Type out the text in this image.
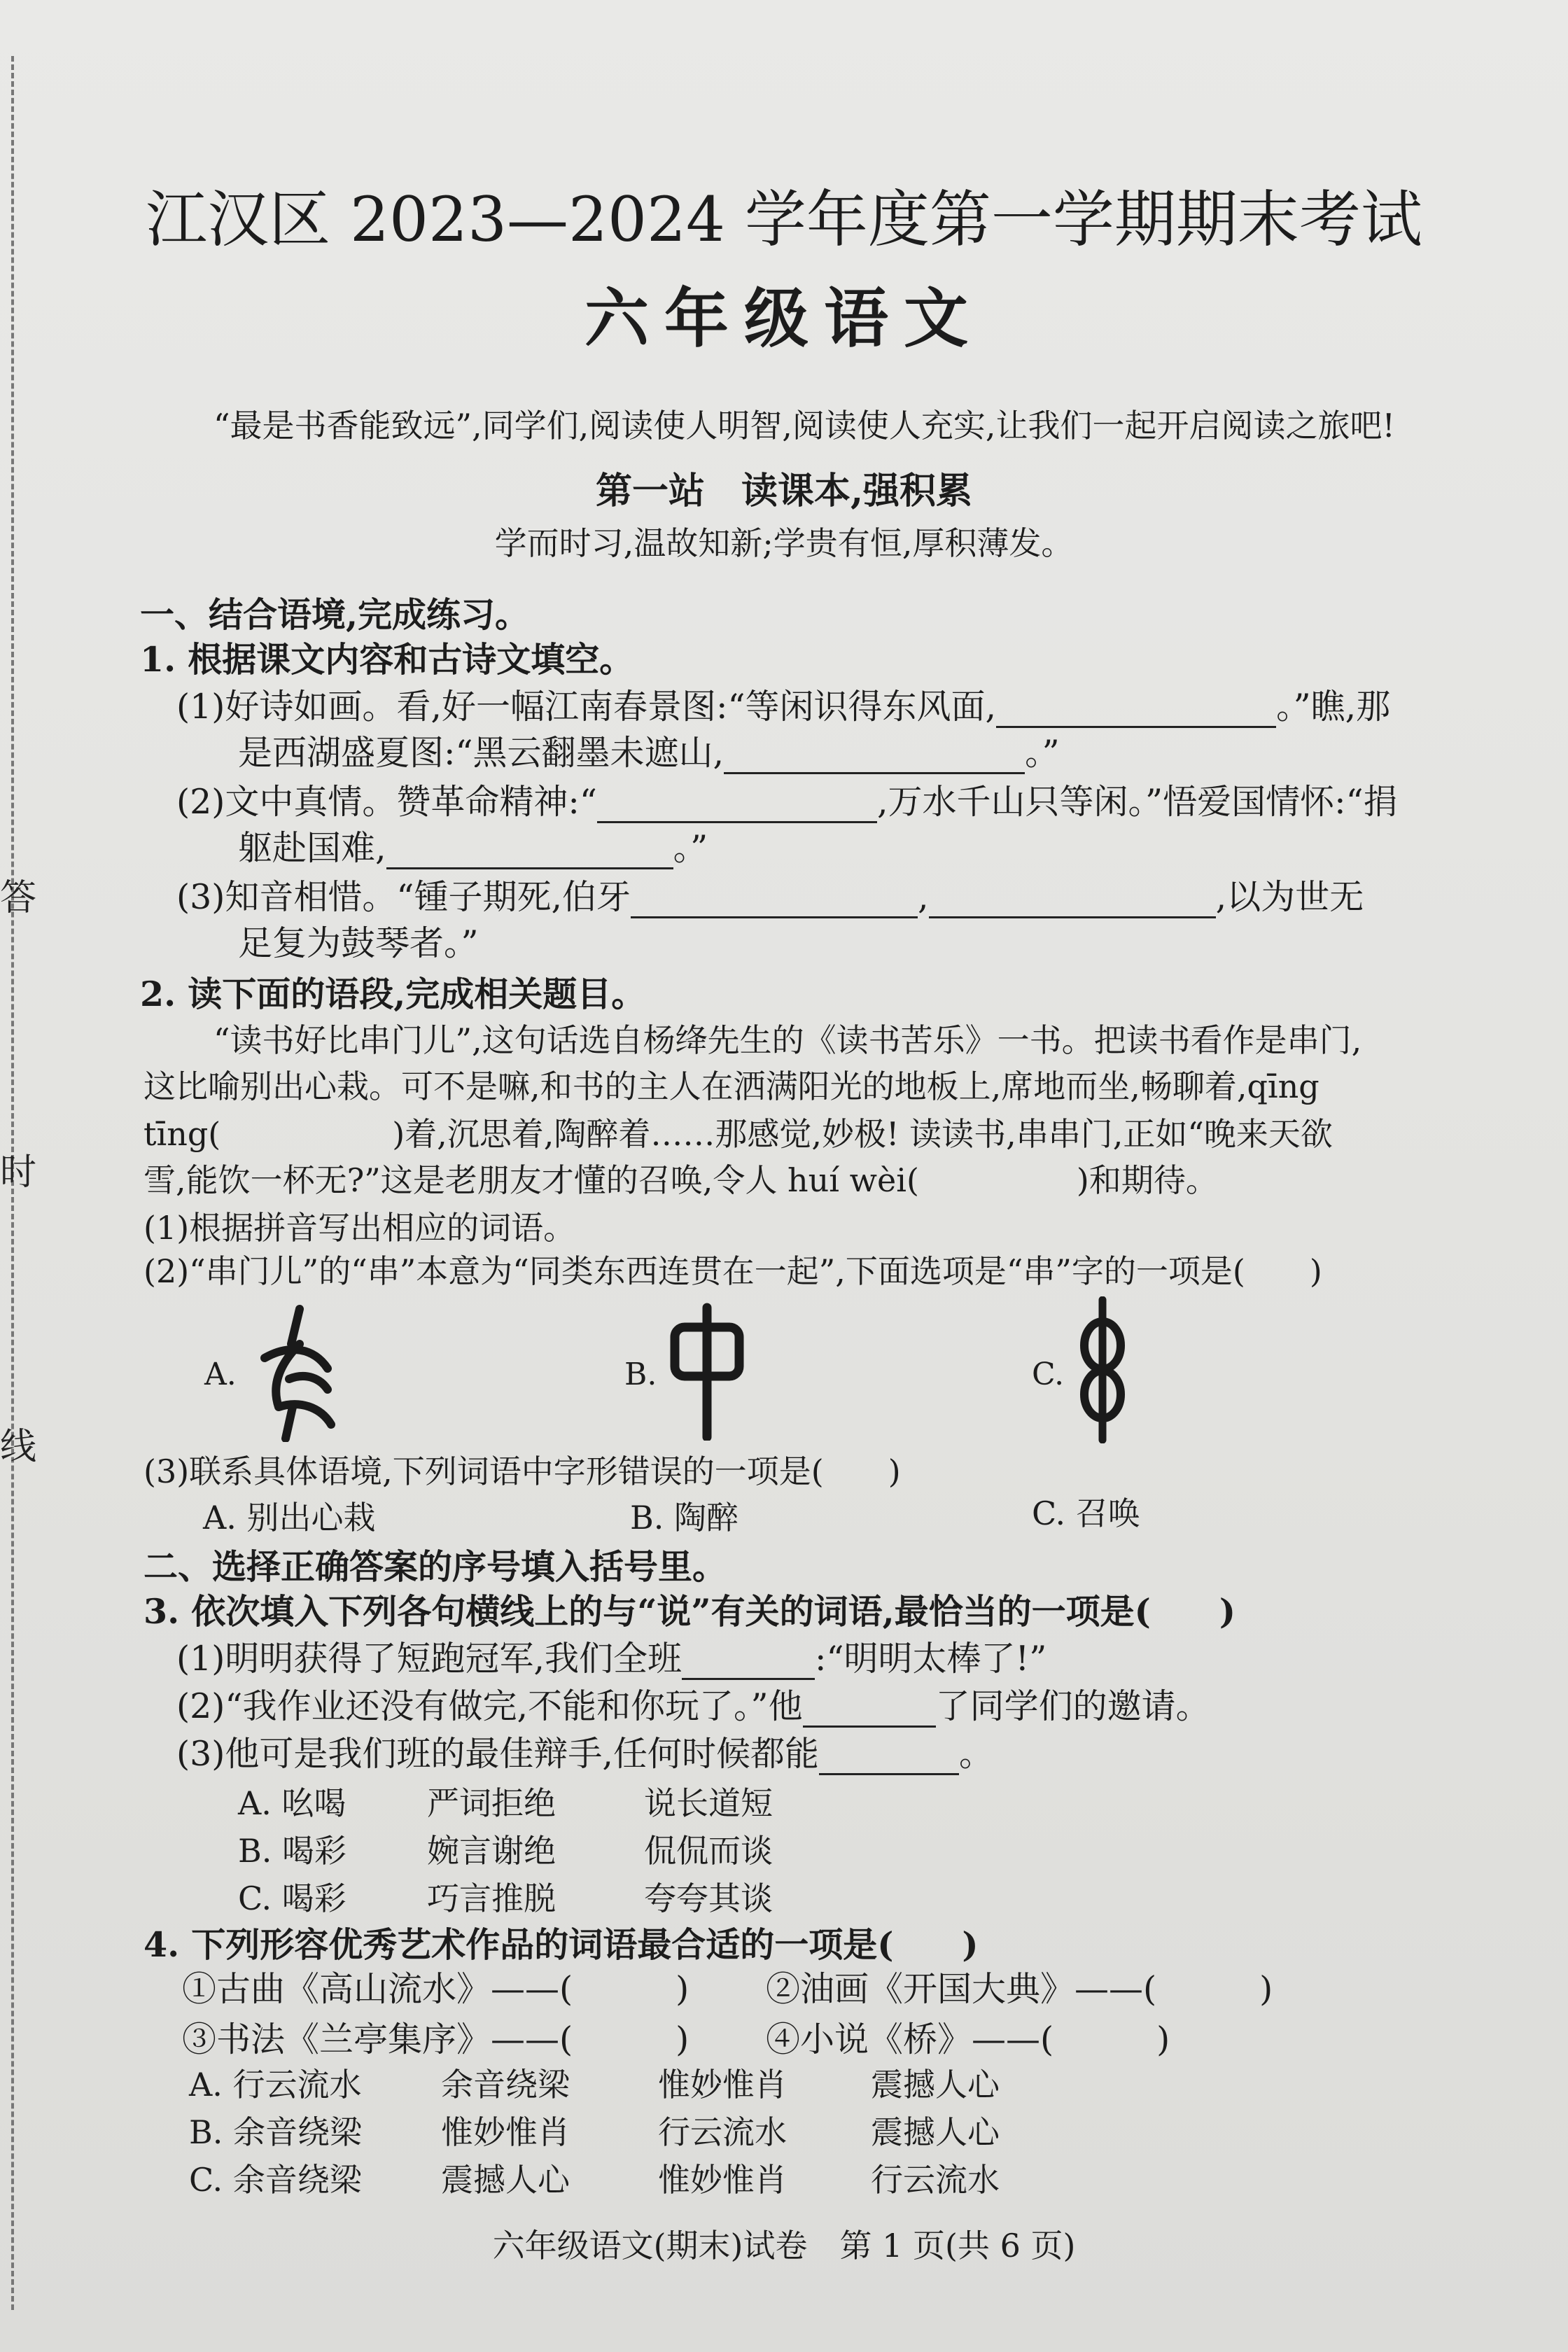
答
时
线
江汉区 2023—2024 学年度第一学期期末考试
六年级语文
“最是书香能致远”,同学们,阅读使人明智,阅读使人充实,让我们一起开启阅读之旅吧!
第一站　读课本,强积累
学而时习,温故知新;学贵有恒,厚积薄发。
一、结合语境,完成练习。
1. 根据课文内容和古诗文填空。
(1)好诗如画。看,好一幅江南春景图:“等闲识得东风面,	。”瞧,那
是西湖盛夏图:“黑云翻墨未遮山,	。”
(2)文中真情。赞革命精神:“	,万水千山只等闲。”悟爱国情怀:“捐
躯赴国难,	。”
(3)知音相惜。“锺子期死,伯牙	,	,以为世无
足复为鼓琴者。”
2. 读下面的语段,完成相关题目。
“读书好比串门儿”,这句话选自杨绛先生的《读书苦乐》一书。把读书看作是串门,
这比喻别出心栽。可不是嘛,和书的主人在洒满阳光的地板上,席地而坐,畅聊着,qīng
tīng(	)着,沉思着,陶醉着……那感觉,妙极! 读读书,串串门,正如“晚来天欲
雪,能饮一杯无?”这是老朋友才懂的召唤,令人 huí wèi(	)和期待。
(1)根据拼音写出相应的词语。
(2)“串门儿”的“串”本意为“同类东西连贯在一起”,下面选项是“串”字的一项是(　　)
A.	B.	C.
(3)联系具体语境,下列词语中字形错误的一项是(　　)
A. 别出心栽	B. 陶醉	C. 召唤
二、选择正确答案的序号填入括号里。
3. 依次填入下列各句横线上的与“说”有关的词语,最恰当的一项是(　　)
(1)明明获得了短跑冠军,我们全班	:“明明太棒了!”
(2)“我作业还没有做完,不能和你玩了。”他	了同学们的邀请。
(3)他可是我们班的最佳辩手,任何时候都能	。
A. 吆喝	严词拒绝	说长道短
B. 喝彩 婉言谢绝	侃侃而谈
C. 喝彩	巧言推脱	夸夸其谈
4. 下列形容优秀艺术作品的词语最合适的一项是(　　)
①古曲《高山流水》——(　　　) ②油画《开国大典》——(　　　)
③书法《兰亭集序》——(　　　) ④小说《桥》——(　　　)
A. 行云流水 余音绕梁	惟妙惟肖	震撼人心
B. 余音绕梁 惟妙惟肖	行云流水	震撼人心
C. 余音绕梁 震撼人心	惟妙惟肖	行云流水
六年级语文(期末)试卷　第 1 页(共 6 页)
